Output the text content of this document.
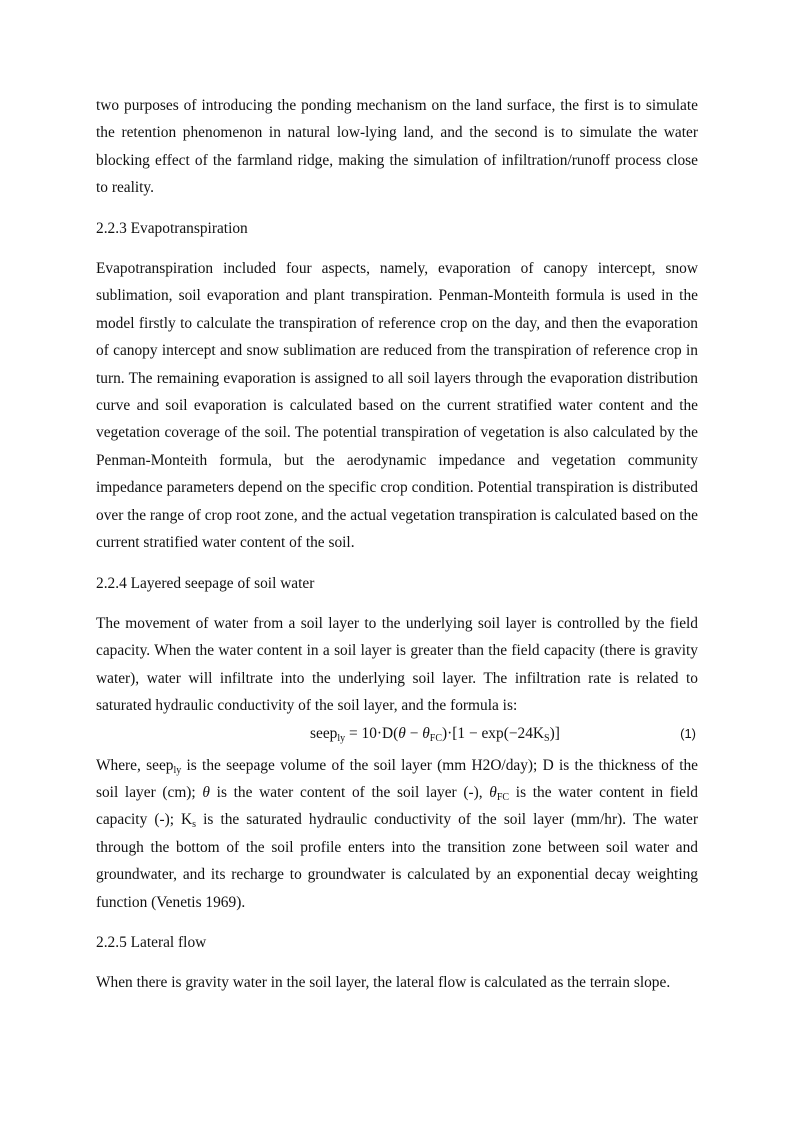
two purposes of introducing the ponding mechanism on the land surface, the first is to simulate the retention phenomenon in natural low-lying land, and the second is to simulate the water blocking effect of the farmland ridge, making the simulation of infiltration/runoff process close to reality.

2.2.3 Evapotranspiration

Evapotranspiration included four aspects, namely, evaporation of canopy intercept, snow sublimation, soil evaporation and plant transpiration. Penman-Monteith formula is used in the model firstly to calculate the transpiration of reference crop on the day, and then the evaporation of canopy intercept and snow sublimation are reduced from the transpiration of reference crop in turn. The remaining evaporation is assigned to all soil layers through the evaporation distribution curve and soil evaporation is calculated based on the current stratified water content and the vegetation coverage of the soil. The potential transpiration of vegetation is also calculated by the Penman-Monteith formula, but the aerodynamic impedance and vegetation community impedance parameters depend on the specific crop condition. Potential transpiration is distributed over the range of crop root zone, and the actual vegetation transpiration is calculated based on the current stratified water content of the soil.

2.2.4 Layered seepage of soil water

The movement of water from a soil layer to the underlying soil layer is controlled by the field capacity. When the water content in a soil layer is greater than the field capacity (there is gravity water), water will infiltrate into the underlying soil layer. The infiltration rate is related to saturated hydraulic conductivity of the soil layer, and the formula is:

seep$_{ly}$ = $10\cdot D(\theta - \theta_{FC})\cdot[1 - \exp(-24K_S)]$	(1)

Where, seep$_{ly}$ is the seepage volume of the soil layer (mm H2O/day); D is the thickness of the soil layer (cm); θ is the water content of the soil layer (-), $\theta_{FC}$ is the water content in field capacity (-); $K_s$ is the saturated hydraulic conductivity of the soil layer (mm/hr). The water through the bottom of the soil profile enters into the transition zone between soil water and groundwater, and its recharge to groundwater is calculated by an exponential decay weighting function (Venetis 1969).

2.2.5 Lateral flow

When there is gravity water in the soil layer, the lateral flow is calculated as the terrain slope.
